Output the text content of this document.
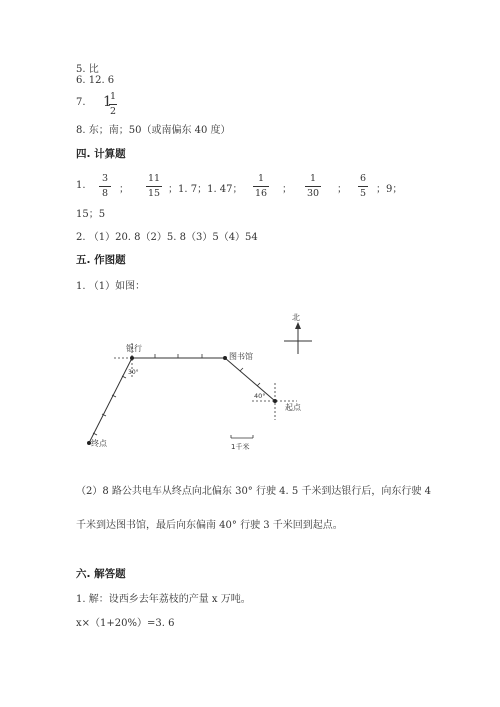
5. 比
6. 12. 6
7. 1
1
2
8. 东；南；50（或南偏东 40 度）
四. 计算题
1.
3
8 ；
11
15 ；1. 7；1. 47；
1
16 ；
1
30 ；
6
5 ；9；
15；5
2. （1）20. 8（2）5. 8（3）5（4）54
五. 作图题
1. （1）如图：
北
银行
图书馆
起点
终点
30°
40°
1千米
（2）8 路公共电车从终点向北偏东 30° 行驶 4. 5 千米到达银行后，向东行驶 4
千米到达图书馆，最后向东偏南 40° 行驶 3 千米回到起点。
六. 解答题
1. 解：设西乡去年荔枝的产量 x 万吨。
x×（1+20%）=3. 6
